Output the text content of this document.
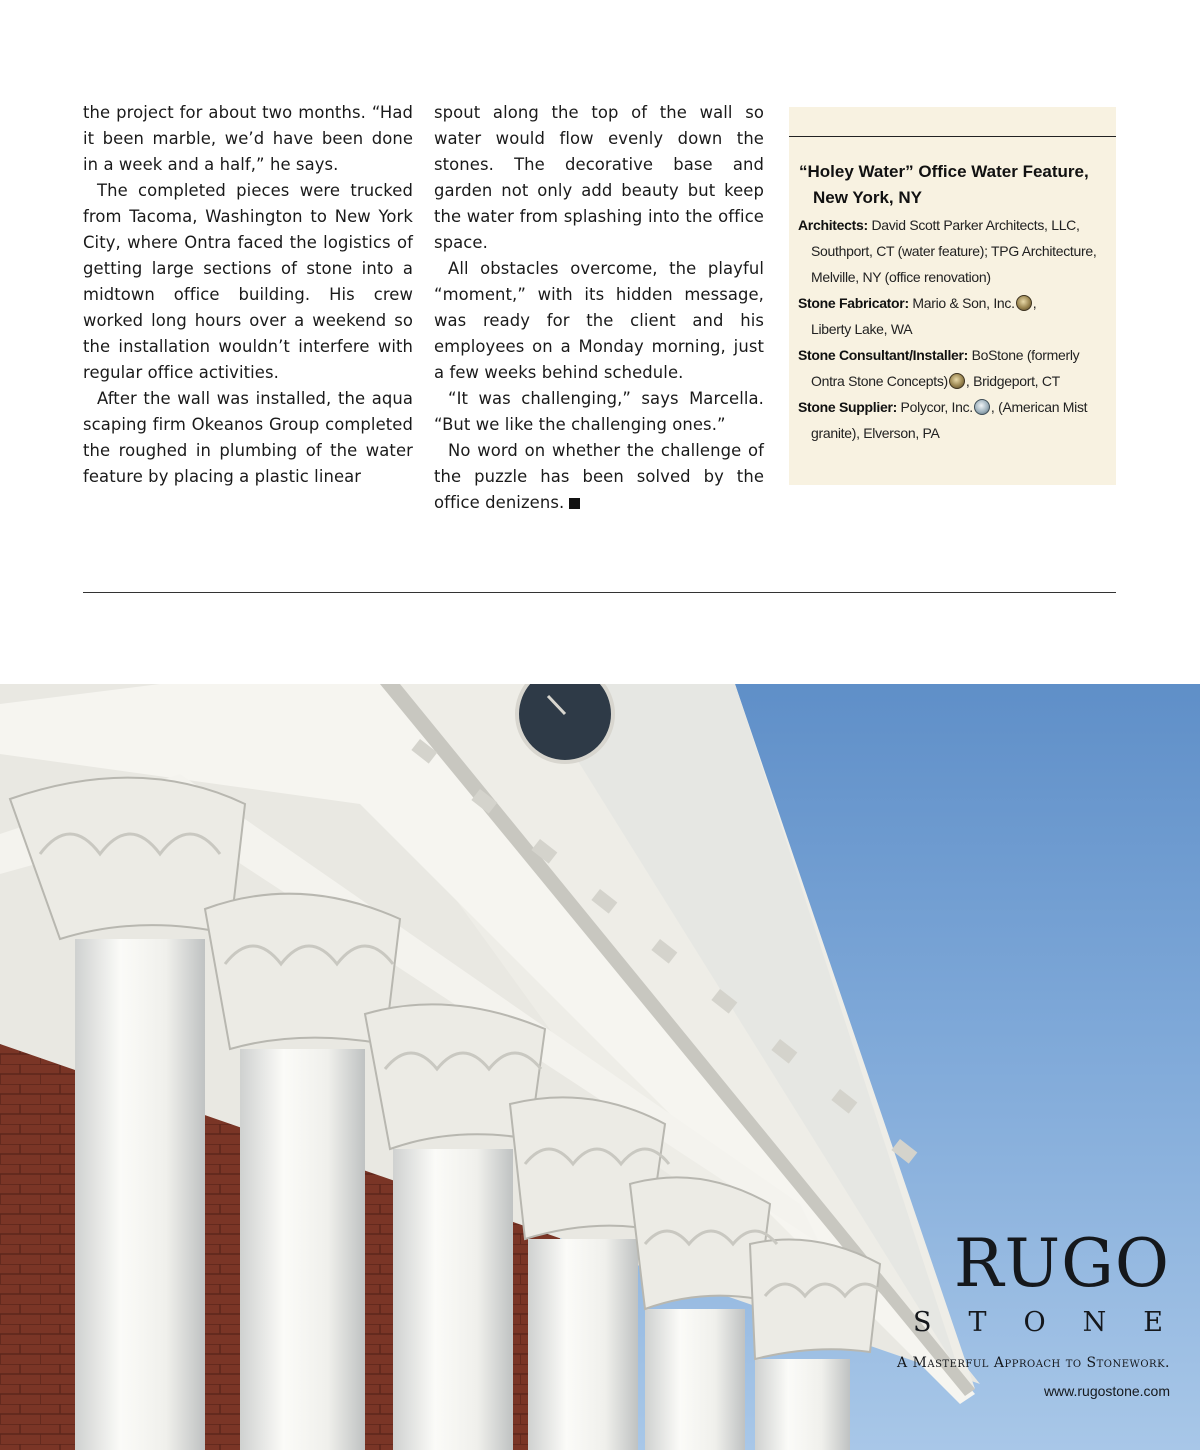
the project for about two months. “Had it been marble, we’d have been done in a week and a half,” he says.

The completed pieces were trucked from Tacoma, Washington to New York City, where Ontra faced the logistics of getting large sections of stone into a midtown office building. His crew worked long hours over a weekend so the installation wouldn’t interfere with regular office activities.

After the wall was installed, the aqua scaping firm Okeanos Group completed the roughed in plumbing of the water feature by placing a plastic linear

spout along the top of the wall so water would flow evenly down the stones. The decorative base and garden not only add beauty but keep the water from splashing into the office space.

All obstacles overcome, the playful “moment,” with its hidden message, was ready for the client and his employees on a Monday morning, just a few weeks behind schedule.

“It was challenging,” says Marcella. “But we like the challenging ones.”

No word on whether the challenge of the puzzle has been solved by the office denizens.

“Holey Water” Office Water Feature,
New York, NY
Architects: David Scott Parker Architects, LLC,
Southport, CT (water feature); TPG Architecture,
Melville, NY (office renovation)
Stone Fabricator: Mario & Son, Inc. ,
Liberty Lake, WA
Stone Consultant/Installer: BoStone (formerly
Ontra Stone Concepts) , Bridgeport, CT
Stone Supplier: Polycor, Inc. , (American Mist
granite), Elverson, PA
RUGO
STONE
A Masterful Approach to Stonework.
www.rugostone.com
